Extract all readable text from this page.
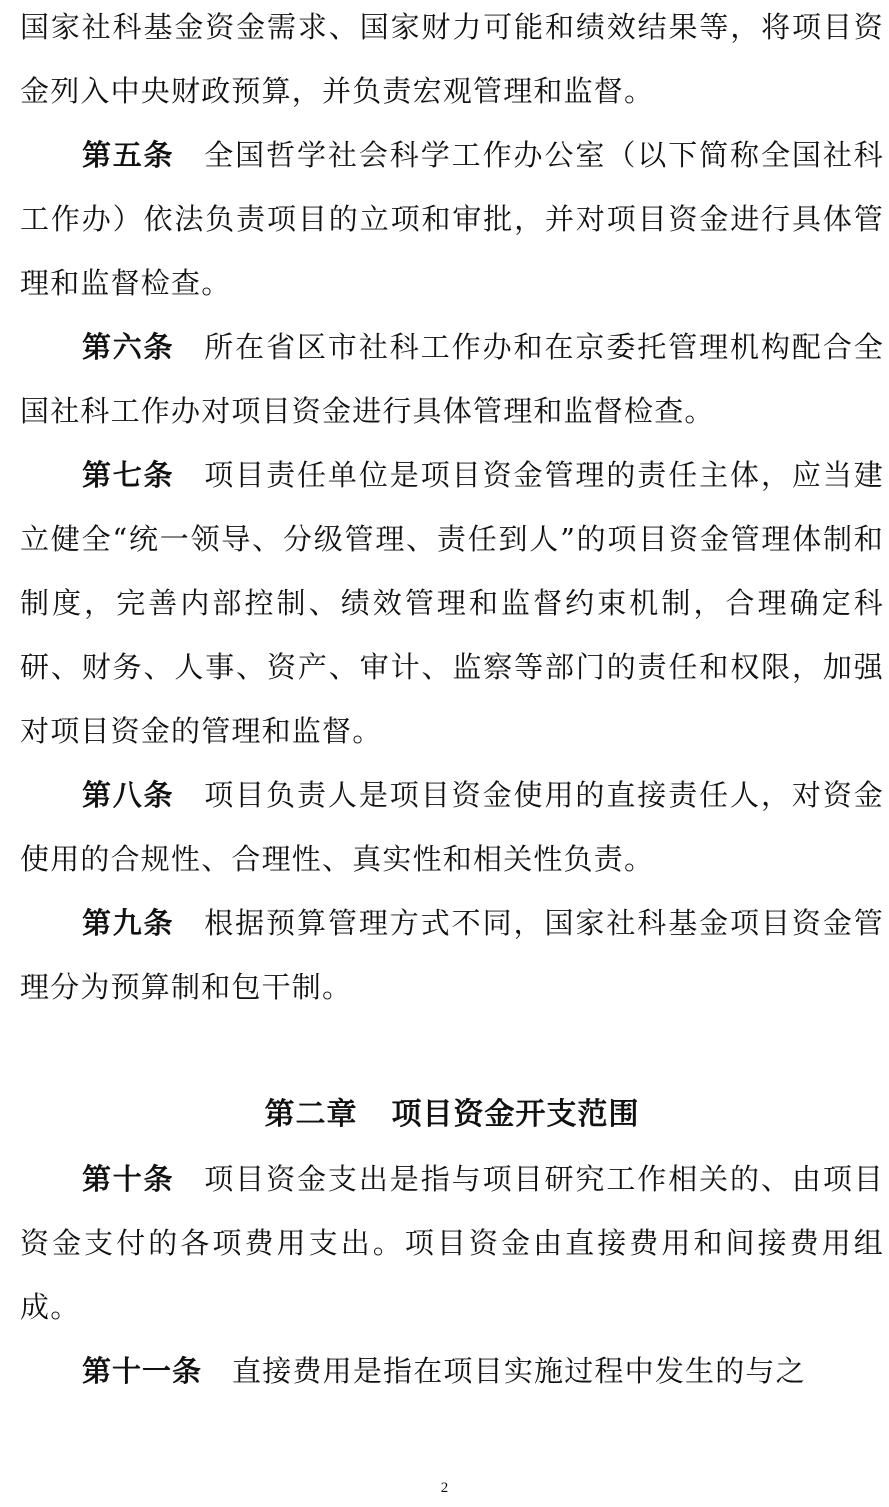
国家社科基金资金需求、国家财力可能和绩效结果等，将项目资金列入中央财政预算，并负责宏观管理和监督。

第五条 全国哲学社会科学工作办公室（以下简称全国社科工作办）依法负责项目的立项和审批，并对项目资金进行具体管理和监督检查。

第六条 所在省区市社科工作办和在京委托管理机构配合全国社科工作办对项目资金进行具体管理和监督检查。

第七条 项目责任单位是项目资金管理的责任主体，应当建立健全“统一领导、分级管理、责任到人”的项目资金管理体制和制度，完善内部控制、绩效管理和监督约束机制，合理确定科研、财务、人事、资产、审计、监察等部门的责任和权限，加强对项目资金的管理和监督。

第八条 项目负责人是项目资金使用的直接责任人，对资金使用的合规性、合理性、真实性和相关性负责。

第九条 根据预算管理方式不同，国家社科基金项目资金管理分为预算制和包干制。

第二章 项目资金开支范围

第十条 项目资金支出是指与项目研究工作相关的、由项目资金支付的各项费用支出。项目资金由直接费用和间接费用组成。

第十一条 直接费用是指在项目实施过程中发生的与之

2
